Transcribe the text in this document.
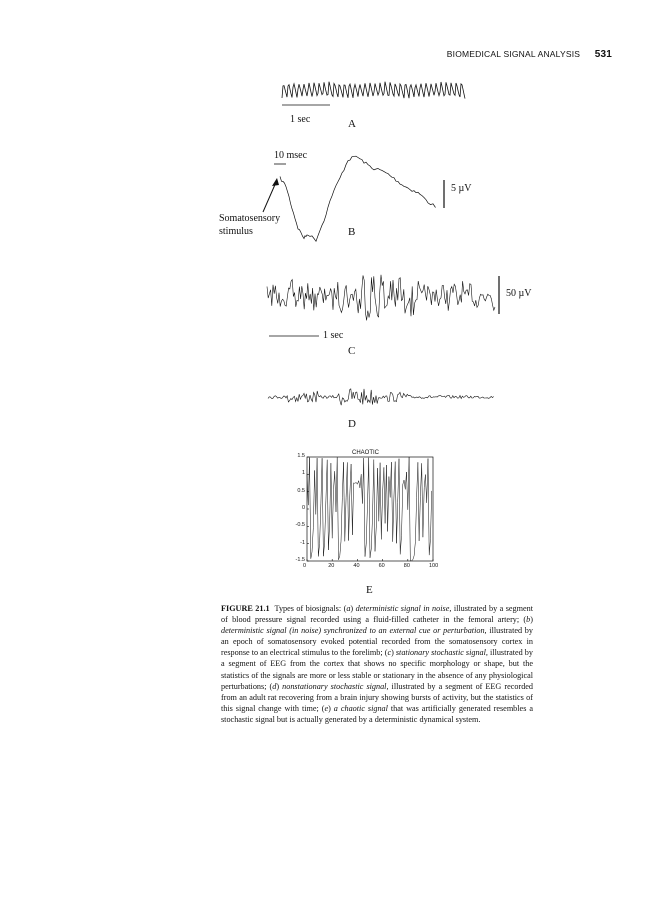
BIOMEDICAL SIGNAL ANALYSIS 531
1 sec	A
10 msec
5 µV
Somatosensory
stimulus	B
50 µV
1 sec
C
D
CHAOTIC
1.5
1
0.5
0
-0.5
-1
-1.5
0	20	40	60	80	100
E
FIGURE 21.1 Types of biosignals: (a) deterministic signal in noise, illustrated by a segment of blood pressure signal recorded using a fluid-filled catheter in the femoral artery; (b) deterministic signal (in noise) synchronized to an external cue or perturbation, illustrated by an epoch of somatosensory evoked potential recorded from the somatosensory cortex in response to an electrical stimulus to the forelimb; (c) stationary stochastic signal, illustrated by a segment of EEG from the cortex that shows no specific morphology or shape, but the statistics of the signals are more or less stable or stationary in the absence of any physiological perturbations; (d) nonstationary stochastic signal, illustrated by a segment of EEG recorded from an adult rat recovering from a brain injury showing bursts of activity, but the statistics of this signal change with time; (e) a chaotic signal that was artificially generated resembles a stochastic signal but is actually generated by a deterministic dynamical system.
